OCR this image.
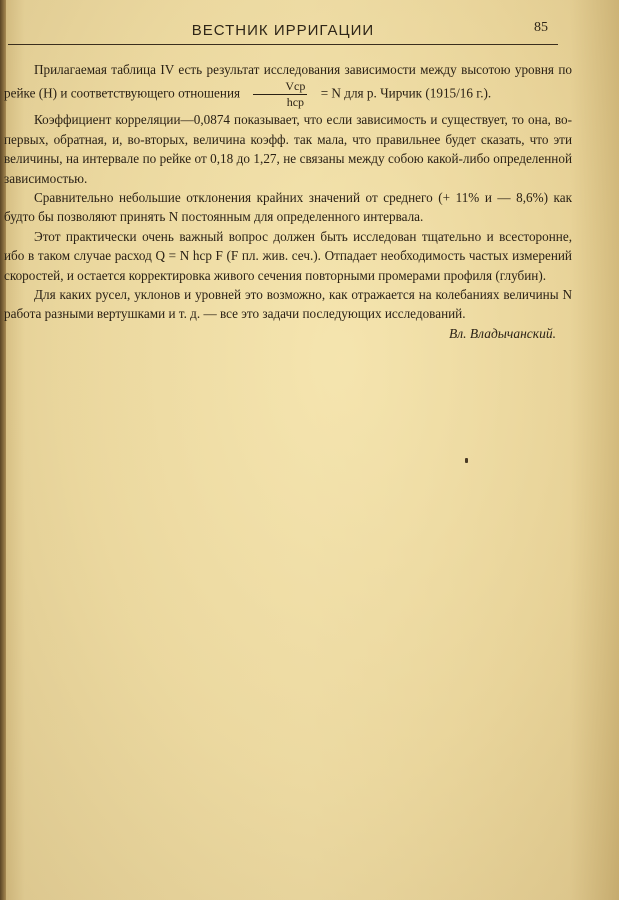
ВЕСТНИК ИРРИГАЦИИ	85

Прилагаемая таблица IV есть результат исследования зависимости между высотою уровня по рейке (Н) и соответствующего отношения $\frac{\text{Vср}}{\text{hср}} = N$ для р. Чирчик (1915/16 г.).

Коэффициент корреляции—0,0874 показывает, что если зависимость и существует, то она, во-первых, обратная, и, во-вторых, величина коэфф. так мала, что правильнее будет сказать, что эти величины, на интервале по рейке от 0,18 до 1,27, не связаны между собою какой-либо определенной зависимостью.

Сравнительно небольшие отклонения крайних значений от среднего (+ 11% и — 8,6%) как будто бы позволяют принять N постоянным для определенного интервала.

Этот практически очень важный вопрос должен быть исследован тщательно и всесторонне, ибо в таком случае расход Q = N hср F (F пл. жив. сеч.). Отпадает необходимость частых измерений скоростей, и остается корректировка живого сечения повторными промерами профиля (глубин).

Для каких русел, уклонов и уровней это возможно, как отражается на колебаниях величины N работа разными вертушками и т. д. — все это задачи последующих исследований.

Вл. Владычанский.
